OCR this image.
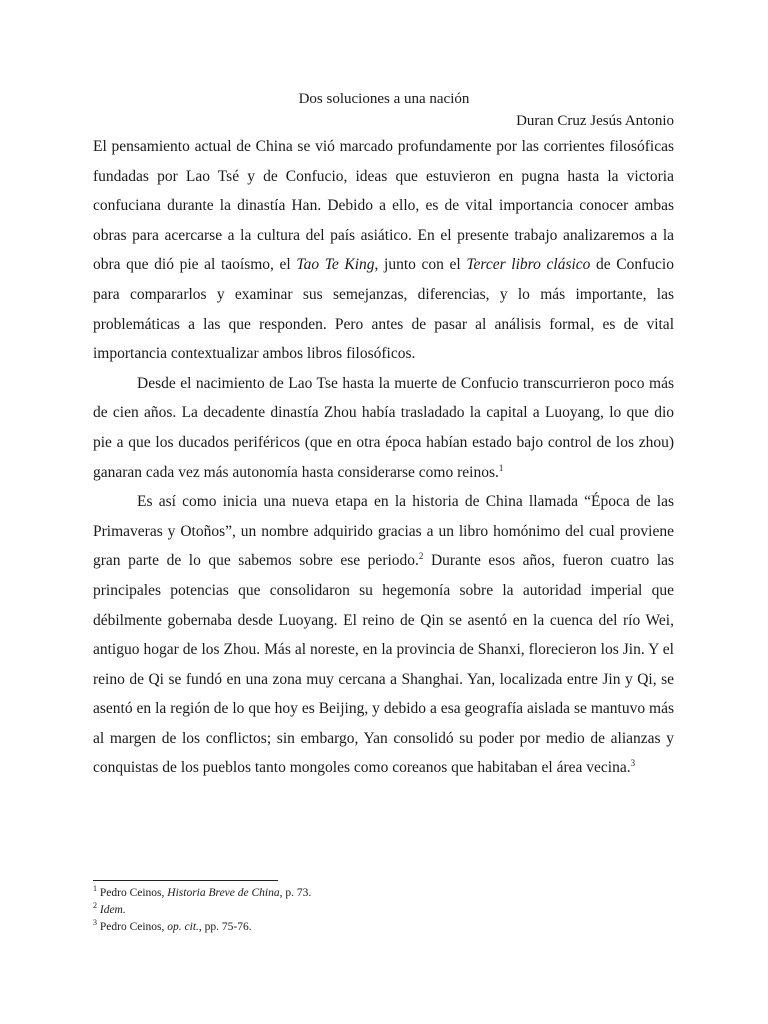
Dos soluciones a una nación
Duran Cruz Jesús Antonio

El pensamiento actual de China se vió marcado profundamente por las corrientes filosóficas fundadas por Lao Tsé y de Confucio, ideas que estuvieron en pugna hasta la victoria confuciana durante la dinastía Han. Debido a ello, es de vital importancia conocer ambas obras para acercarse a la cultura del país asiático. En el presente trabajo analizaremos a la obra que dió pie al taoísmo, el Tao Te King, junto con el Tercer libro clásico de Confucio para compararlos y examinar sus semejanzas, diferencias, y lo más importante, las problemáticas a las que responden. Pero antes de pasar al análisis formal, es de vital importancia contextualizar ambos libros filosóficos.

Desde el nacimiento de Lao Tse hasta la muerte de Confucio transcurrieron poco más de cien años. La decadente dinastía Zhou había trasladado la capital a Luoyang, lo que dio pie a que los ducados periféricos (que en otra época habían estado bajo control de los zhou) ganaran cada vez más autonomía hasta considerarse como reinos.$^1$

Es así como inicia una nueva etapa en la historia de China llamada “Época de las Primaveras y Otoños”, un nombre adquirido gracias a un libro homónimo del cual proviene gran parte de lo que sabemos sobre ese periodo.$^2$ Durante esos años, fueron cuatro las principales potencias que consolidaron su hegemonía sobre la autoridad imperial que débilmente gobernaba desde Luoyang. El reino de Qin se asentó en la cuenca del río Wei, antiguo hogar de los Zhou. Más al noreste, en la provincia de Shanxi, florecieron los Jin. Y el reino de Qi se fundó en una zona muy cercana a Shanghai. Yan, localizada entre Jin y Qi, se asentó en la región de lo que hoy es Beijing, y debido a esa geografía aislada se mantuvo más al margen de los conflictos; sin embargo, Yan consolidó su poder por medio de alianzas y conquistas de los pueblos tanto mongoles como coreanos que habitaban el área vecina.$^3$

$^1$ Pedro Ceinos, Historia Breve de China, p. 73.
$^2$ Idem.
$^3$ Pedro Ceinos, op. cit., pp. 75-76.
